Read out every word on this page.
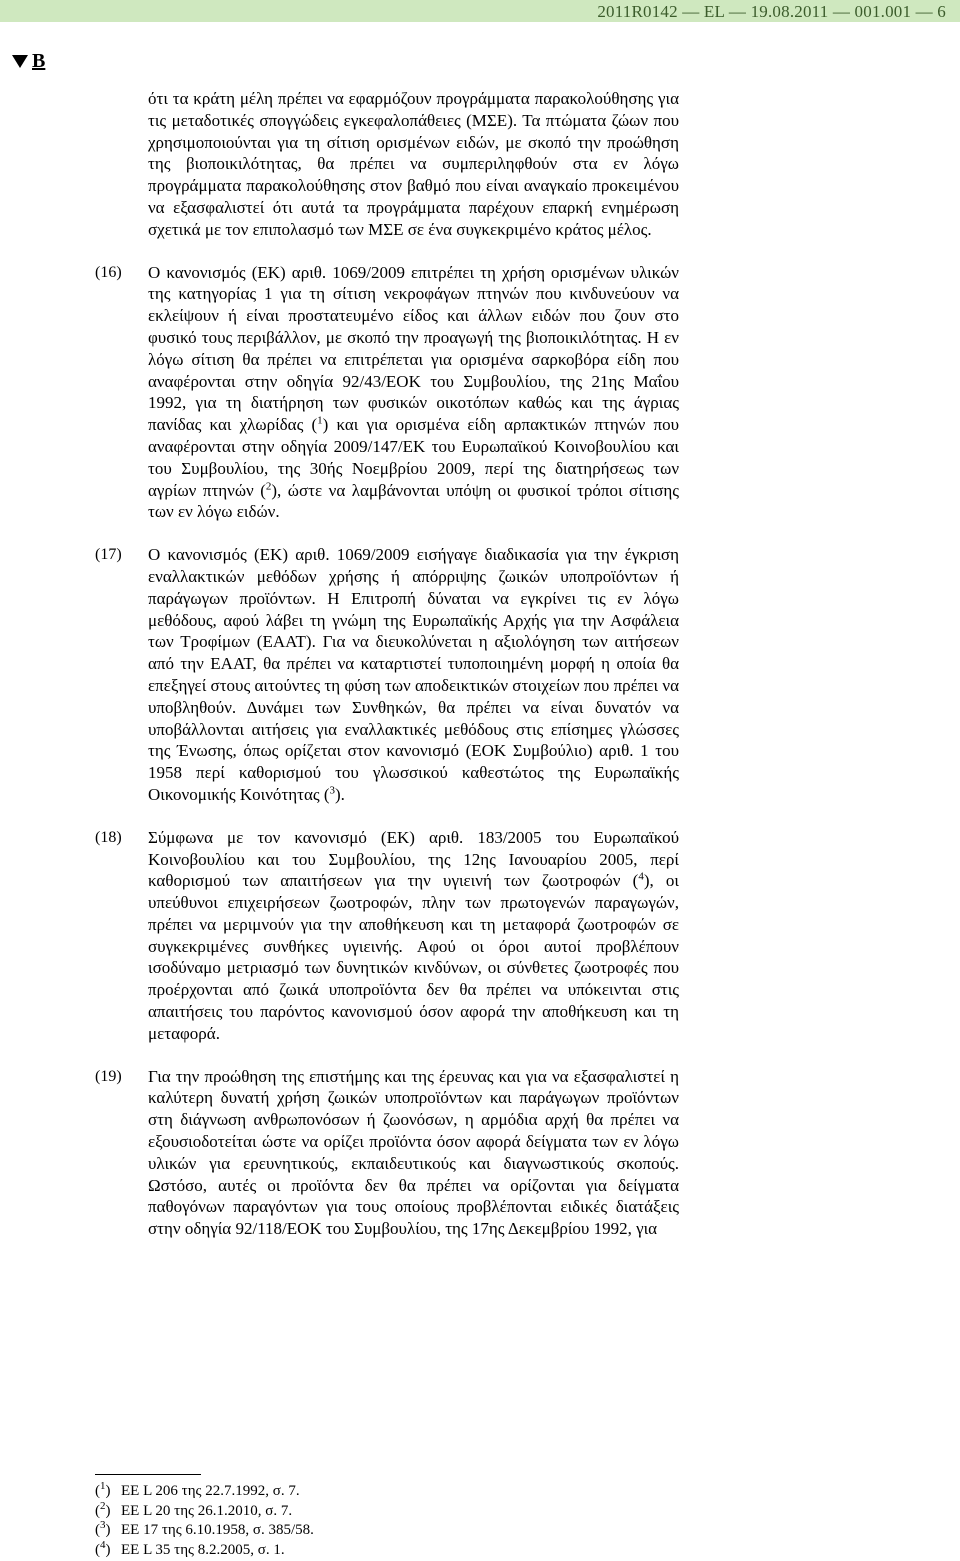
2011R0142 — EL — 19.08.2011 — 001.001 — 6
B
ότι τα κράτη μέλη πρέπει να εφαρμόζουν προγράμματα παρακολούθησης για τις μεταδοτικές σπογγώδεις εγκεφαλοπάθειες (ΜΣΕ). Τα πτώματα ζώων που χρησιμοποιούνται για τη σίτιση ορισμένων ειδών, με σκοπό την προώθηση της βιοποικιλότητας, θα πρέπει να συμπεριληφθούν στα εν λόγω προγράμματα παρακολούθησης στον βαθμό που είναι αναγκαίο προκειμένου να εξασφαλιστεί ότι αυτά τα προγράμματα παρέχουν επαρκή ενημέρωση σχετικά με τον επιπολασμό των ΜΣΕ σε ένα συγκεκριμένο κράτος μέλος.
(16)	Ο κανονισμός (ΕΚ) αριθ. 1069/2009 επιτρέπει τη χρήση ορισμένων υλικών της κατηγορίας 1 για τη σίτιση νεκροφάγων πτηνών που κινδυνεύουν να εκλείψουν ή είναι προστατευμένο είδος και άλλων ειδών που ζουν στο φυσικό τους περιβάλλον, με σκοπό την προαγωγή της βιοποικιλότητας. Η εν λόγω σίτιση θα πρέπει να επιτρέπεται για ορισμένα σαρκοβόρα είδη που αναφέρονται στην οδηγία 92/43/ΕΟΚ του Συμβουλίου, της 21ης Μαΐου 1992, για τη διατήρηση των φυσικών οικοτόπων καθώς και της άγριας πανίδας και χλωρίδας ($^1$) και για ορισμένα είδη αρπακτικών πτηνών που αναφέρονται στην οδηγία 2009/147/ΕΚ του Ευρωπαϊκού Κοινοβουλίου και του Συμβουλίου, της 30ής Νοεμβρίου 2009, περί της διατηρήσεως των αγρίων πτηνών ($^2$), ώστε να λαμβάνονται υπόψη οι φυσικοί τρόποι σίτισης των εν λόγω ειδών.
(17)	Ο κανονισμός (ΕΚ) αριθ. 1069/2009 εισήγαγε διαδικασία για την έγκριση εναλλακτικών μεθόδων χρήσης ή απόρριψης ζωικών υποπροϊόντων ή παράγωγων προϊόντων. Η Επιτροπή δύναται να εγκρίνει τις εν λόγω μεθόδους, αφού λάβει τη γνώμη της Ευρωπαϊκής Αρχής για την Ασφάλεια των Τροφίμων (ΕΑΑΤ). Για να διευκολύνεται η αξιολόγηση των αιτήσεων από την ΕΑΑΤ, θα πρέπει να καταρτιστεί τυποποιημένη μορφή η οποία θα επεξηγεί στους αιτούντες τη φύση των αποδεικτικών στοιχείων που πρέπει να υποβληθούν. Δυνάμει των Συνθηκών, θα πρέπει να είναι δυνατόν να υποβάλλονται αιτήσεις για εναλλακτικές μεθόδους στις επίσημες γλώσσες της Ένωσης, όπως ορίζεται στον κανονισμό (ΕΟΚ Συμβούλιο) αριθ. 1 του 1958 περί καθορισμού του γλωσσικού καθεστώτος της Ευρωπαϊκής Οικονομικής Κοινότητας ($^3$).
(18)	Σύμφωνα με τον κανονισμό (ΕΚ) αριθ. 183/2005 του Ευρωπαϊκού Κοινοβουλίου και του Συμβουλίου, της 12ης Ιανουαρίου 2005, περί καθορισμού των απαιτήσεων για την υγιεινή των ζωοτροφών ($^4$), οι υπεύθυνοι επιχειρήσεων ζωοτροφών, πλην των πρωτογενών παραγωγών, πρέπει να μεριμνούν για την αποθήκευση και τη μεταφορά ζωοτροφών σε συγκεκριμένες συνθήκες υγιεινής. Αφού οι όροι αυτοί προβλέπουν ισοδύναμο μετριασμό των δυνητικών κινδύνων, οι σύνθετες ζωοτροφές που προέρχονται από ζωικά υποπροϊόντα δεν θα πρέπει να υπόκεινται στις απαιτήσεις του παρόντος κανονισμού όσον αφορά την αποθήκευση και τη μεταφορά.
(19)	Για την προώθηση της επιστήμης και της έρευνας και για να εξασφαλιστεί η καλύτερη δυνατή χρήση ζωικών υποπροϊόντων και παράγωγων προϊόντων στη διάγνωση ανθρωπονόσων ή ζωονόσων, η αρμόδια αρχή θα πρέπει να εξουσιοδοτείται ώστε να ορίζει προϊόντα όσον αφορά δείγματα των εν λόγω υλικών για ερευνητικούς, εκπαιδευτικούς και διαγνωστικούς σκοπούς. Ωστόσο, αυτές οι προϊόντα δεν θα πρέπει να ορίζονται για δείγματα παθογόνων παραγόντων για τους οποίους προβλέπονται ειδικές διατάξεις στην οδηγία 92/118/ΕΟΚ του Συμβουλίου, της 17ης Δεκεμβρίου 1992, για
($^1$) ΕΕ L 206 της 22.7.1992, σ. 7.
($^2$) ΕΕ L 20 της 26.1.2010, σ. 7.
($^3$) ΕΕ 17 της 6.10.1958, σ. 385/58.
($^4$) ΕΕ L 35 της 8.2.2005, σ. 1.
